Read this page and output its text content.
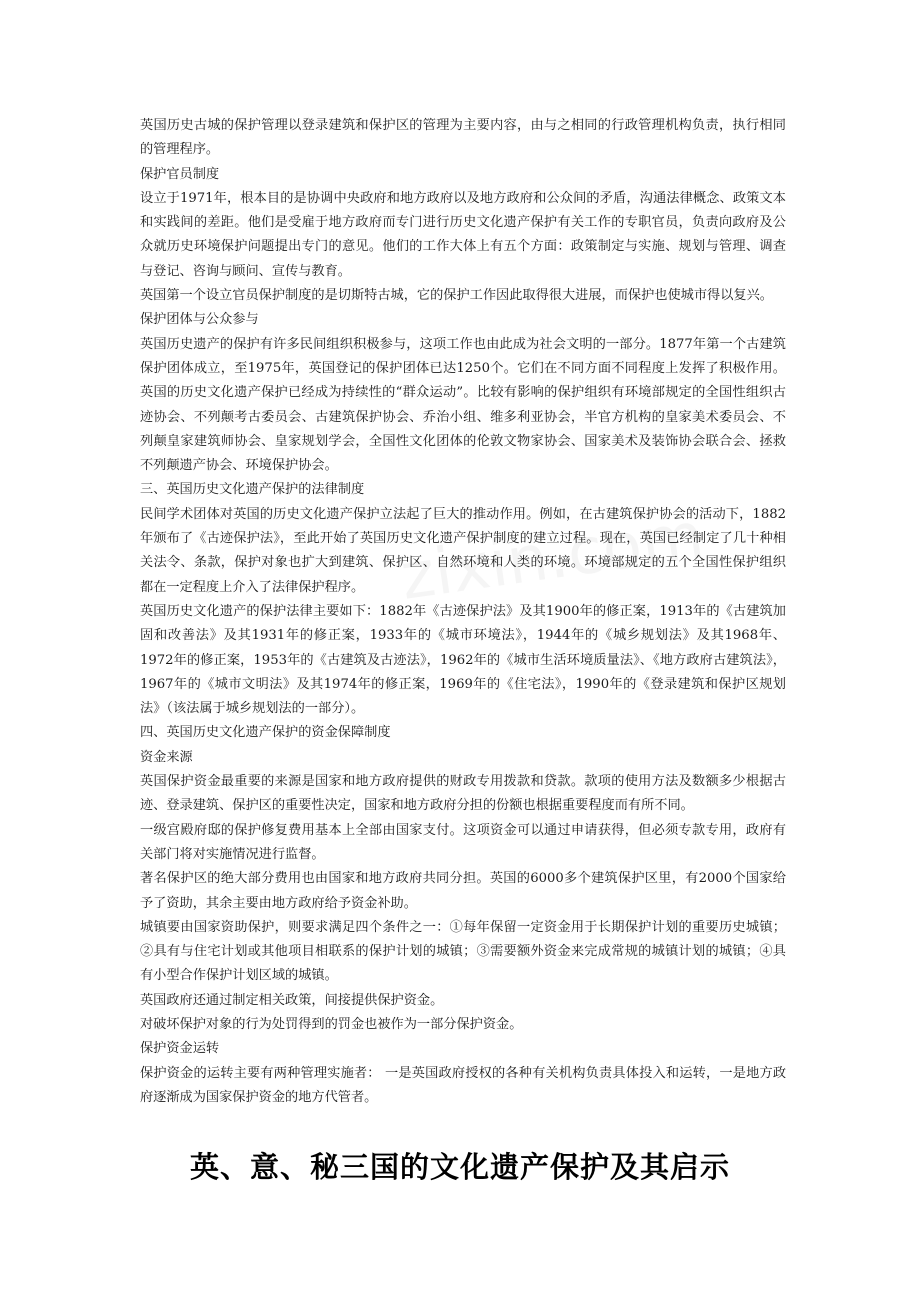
英国历史古城的保护管理以登录建筑和保护区的管理为主要内容，由与之相同的行政管理机构负责，执行相同的管理程序。

保护官员制度

设立于1971年，根本目的是协调中央政府和地方政府以及地方政府和公众间的矛盾，沟通法律概念、政策文本和实践间的差距。他们是受雇于地方政府而专门进行历史文化遗产保护有关工作的专职官员，负责向政府及公众就历史环境保护问题提出专门的意见。他们的工作大体上有五个方面：政策制定与实施、规划与管理、调查与登记、咨询与顾问、宣传与教育。

英国第一个设立官员保护制度的是切斯特古城，它的保护工作因此取得很大进展，而保护也使城市得以复兴。

保护团体与公众参与

英国历史遗产的保护有许多民间组织积极参与，这项工作也由此成为社会文明的一部分。1877年第一个古建筑保护团体成立，至1975年，英国登记的保护团体已达1250个。它们在不同方面不同程度上发挥了积极作用。英国的历史文化遗产保护已经成为持续性的“群众运动”。比较有影响的保护组织有环境部规定的全国性组织古迹协会、不列颠考古委员会、古建筑保护协会、乔治小组、维多利亚协会，半官方机构的皇家美术委员会、不列颠皇家建筑师协会、皇家规划学会，全国性文化团体的伦敦文物家协会、国家美术及装饰协会联合会、拯救不列颠遗产协会、环境保护协会。

三、英国历史文化遗产保护的法律制度

民间学术团体对英国的历史文化遗产保护立法起了巨大的推动作用。例如，在古建筑保护协会的活动下，1882年颁布了《古迹保护法》，至此开始了英国历史文化遗产保护制度的建立过程。现在，英国已经制定了几十种相关法令、条款，保护对象也扩大到建筑、保护区、自然环境和人类的环境。环境部规定的五个全国性保护组织都在一定程度上介入了法律保护程序。

英国历史文化遗产的保护法律主要如下：1882年《古迹保护法》及其1900年的修正案，1913年的《古建筑加固和改善法》及其1931年的修正案，1933年的《城市环境法》，1944年的《城乡规划法》及其1968年、1972年的修正案，1953年的《古建筑及古迹法》，1962年的《城市生活环境质量法》、《地方政府古建筑法》，1967年的《城市文明法》及其1974年的修正案，1969年的《住宅法》，1990年的《登录建筑和保护区规划法》（该法属于城乡规划法的一部分）。

四、英国历史文化遗产保护的资金保障制度

资金来源

英国保护资金最重要的来源是国家和地方政府提供的财政专用拨款和贷款。款项的使用方法及数额多少根据古迹、登录建筑、保护区的重要性决定，国家和地方政府分担的份额也根据重要程度而有所不同。

一级宫殿府邸的保护修复费用基本上全部由国家支付。这项资金可以通过申请获得，但必须专款专用，政府有关部门将对实施情况进行监督。

著名保护区的绝大部分费用也由国家和地方政府共同分担。英国的6000多个建筑保护区里，有2000个国家给予了资助，其余主要由地方政府给予资金补助。

城镇要由国家资助保护，则要求满足四个条件之一：①每年保留一定资金用于长期保护计划的重要历史城镇；②具有与住宅计划或其他项目相联系的保护计划的城镇；③需要额外资金来完成常规的城镇计划的城镇；④具有小型合作保护计划区域的城镇。

英国政府还通过制定相关政策，间接提供保护资金。

对破坏保护对象的行为处罚得到的罚金也被作为一部分保护资金。

保护资金运转

保护资金的运转主要有两种管理实施者： 一是英国政府授权的各种有关机构负责具体投入和运转，一是地方政府逐渐成为国家保护资金的地方代管者。

英、意、秘三国的文化遗产保护及其启示
